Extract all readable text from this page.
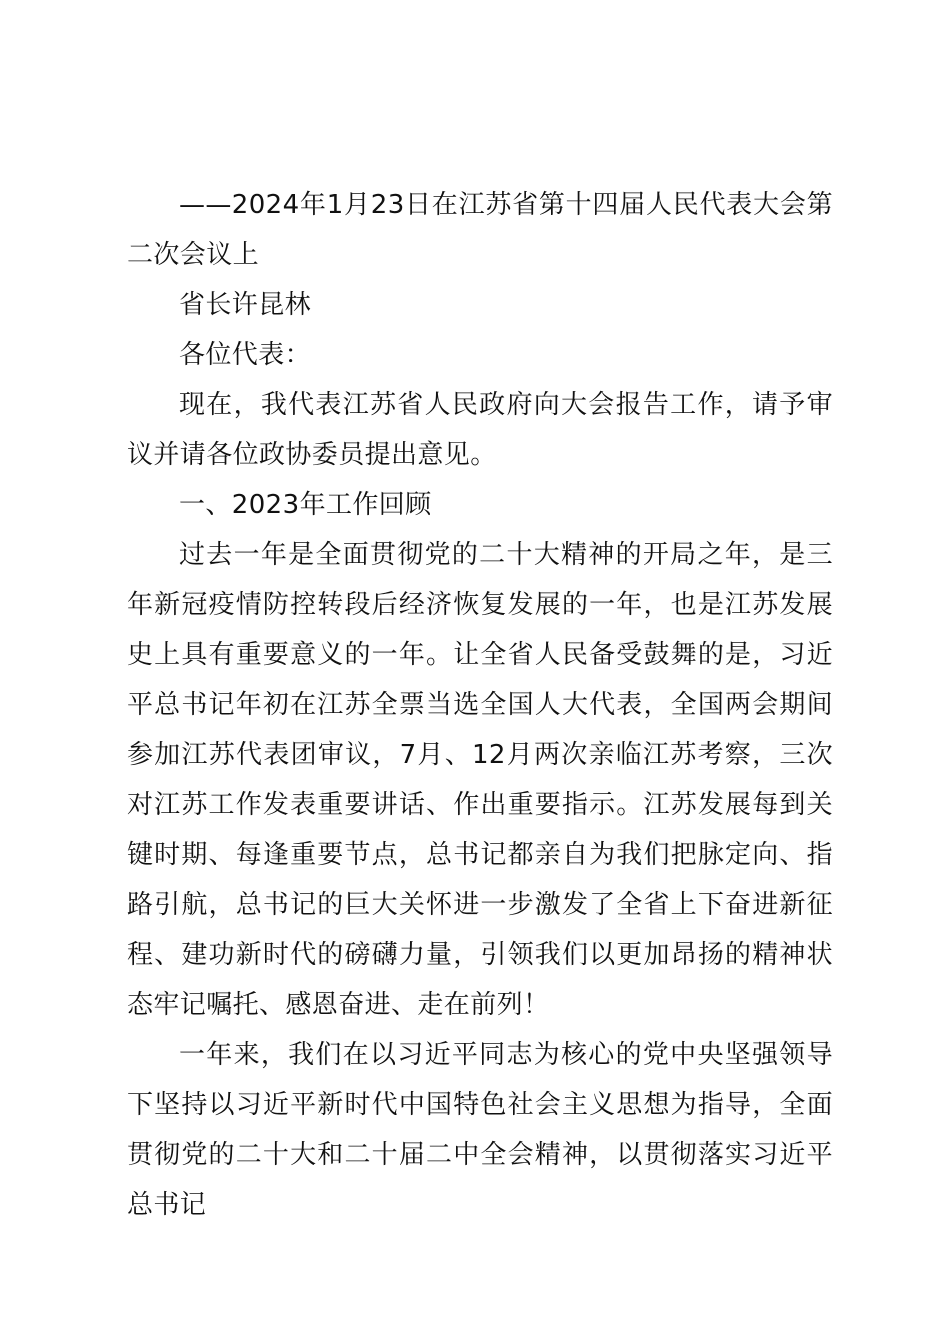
——2024年1月23日在江苏省第十四届人民代表大会第二次会议上

省长许昆林

各位代表：

现在，我代表江苏省人民政府向大会报告工作，请予审议并请各位政协委员提出意见。

一、2023年工作回顾

过去一年是全面贯彻党的二十大精神的开局之年，是三年新冠疫情防控转段后经济恢复发展的一年，也是江苏发展史上具有重要意义的一年。让全省人民备受鼓舞的是，习近平总书记年初在江苏全票当选全国人大代表，全国两会期间参加江苏代表团审议，7月、12月两次亲临江苏考察，三次对江苏工作发表重要讲话、作出重要指示。江苏发展每到关键时期、每逢重要节点，总书记都亲自为我们把脉定向、指路引航，总书记的巨大关怀进一步激发了全省上下奋进新征程、建功新时代的磅礴力量，引领我们以更加昂扬的精神状态牢记嘱托、感恩奋进、走在前列！

一年来，我们在以习近平同志为核心的党中央坚强领导下坚持以习近平新时代中国特色社会主义思想为指导，全面贯彻党的二十大和二十届二中全会精神，以贯彻落实习近平总书记
